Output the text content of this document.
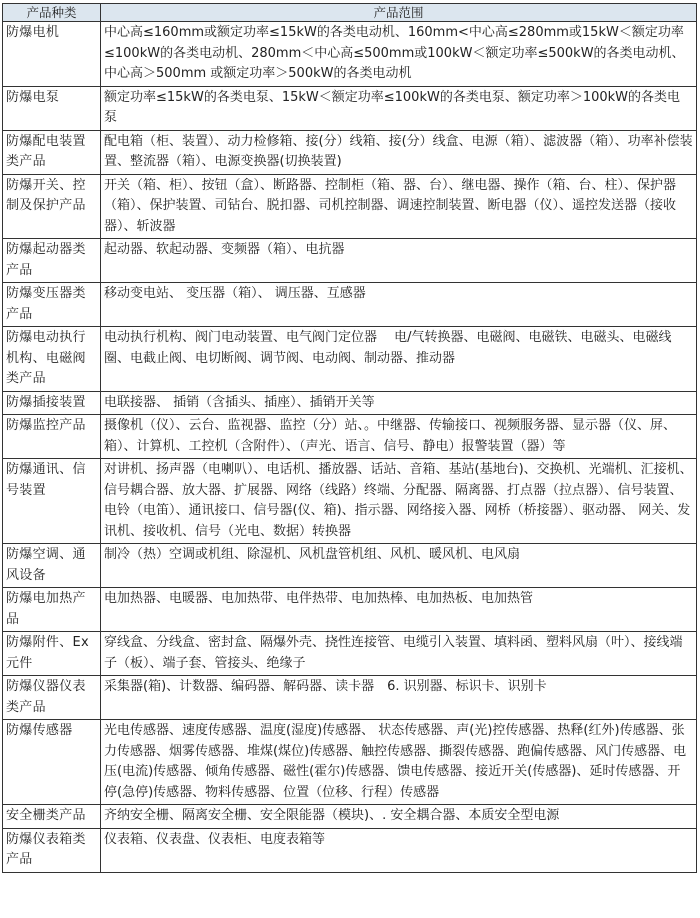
产品种类	产品范围
防爆电机	中心高≤160mm或额定功率≤15kW的各类电动机、160mm<中心高≤280mm或15kW＜额定功率≤100kW的各类电动机、280mm＜中心高≤500mm或100kW＜额定功率≤500kW的各类电动机、中心高＞500mm 或额定功率＞500kW的各类电动机
防爆电泵	额定功率≤15kW的各类电泵、15kW＜额定功率≤100kW的各类电泵、额定功率＞100kW的各类电泵
防爆配电装置类产品	配电箱（柜、装置）、动力检修箱、接(分）线箱、接(分）线盒、电源（箱）、滤波器（箱）、功率补偿装置、整流器（箱）、电源变换器(切换装置)
防爆开关、控制及保护产品	开关（箱、柜）、按钮（盒）、断路器、控制柜（箱、器、台）、继电器、操作（箱、台、柱）、保护器（箱）、保护装置、司钻台、脱扣器、司机控制器、调速控制装置、断电器（仪）、遥控发送器（接收器）、斩波器
防爆起动器类产品	起动器、软起动器、变频器（箱）、电抗器
防爆变压器类产品	移动变电站、 变压器（箱）、 调压器、互感器
防爆电动执行机构、电磁阀类产品	电动执行机构、阀门电动装置、电气阀门定位器 　电/气转换器、电磁阀、电磁铁、电磁头、电磁线圈、电截止阀、电切断阀、调节阀、电动阀、制动器、推动器
防爆插接装置	电联接器、 插销（含插头、插座）、插销开关等
防爆监控产品	摄像机（仪）、云台、监视器、监控（分）站、。中继器、传输接口、视频服务器、显示器（仪、屏、箱）、计算机、工控机（含附件）、（声光、语言、信号、静电）报警装置（器）等
防爆通讯、信号装置	对讲机、扬声器（电喇叭）、电话机、播放器、话站、音箱、基站(基地台)、交换机、光端机、汇接机、信号耦合器、放大器、扩展器、网络（线路）终端、分配器、隔离器、打点器（拉点器）、信号装置、电铃（电笛）、通讯接口、信号器(仪、箱)、指示器、网络接入器、网桥（桥接器）、驱动器、 网关、发讯机、接收机、信号（光电、数据）转换器
防爆空调、通风设备	制冷（热）空调或机组、除湿机、风机盘管机组、风机、暖风机、电风扇
防爆电加热产品	电加热器、电暖器、电加热带、电伴热带、电加热棒、电加热板、电加热管
防爆附件、Ex元件	穿线盒、分线盒、密封盒、隔爆外壳、挠性连接管、电缆引入装置、填料函、塑料风扇（叶）、接线端子（板）、端子套、管接头、绝缘子
防爆仪器仪表类产品	采集器(箱)、计数器、编码器、解码器、读卡器　6. 识别器、标识卡、识别卡
防爆传感器	光电传感器、速度传感器、温度(湿度)传感器、 状态传感器、声(光)控传感器、热释(红外)传感器、张力传感器、烟雾传感器、堆煤(煤位)传感器、触控传感器、撕裂传感器、跑偏传感器、风门传感器、电压(电流)传感器、倾角传感器、磁性(霍尔)传感器、馈电传感器、接近开关(传感器)、延时传感器、开停(急停)传感器、物料传感器、位置（位移、行程）传感器
安全栅类产品	齐纳安全栅、隔离安全栅、安全限能器（模块)、. 安全耦合器、本质安全型电源
防爆仪表箱类产品	仪表箱、仪表盘、仪表柜、电度表箱等
